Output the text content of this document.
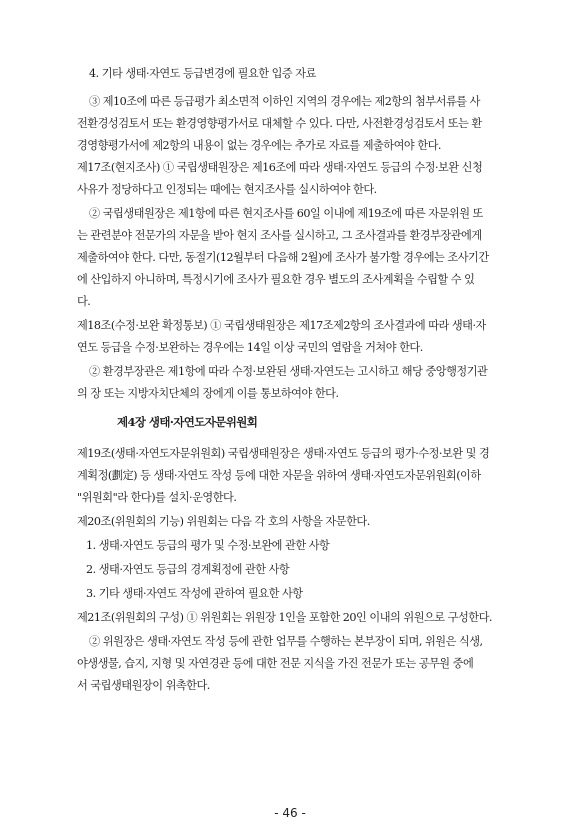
4. 기타 생태·자연도 등급변경에 필요한 입증 자료
③ 제10조에 따른 등급평가 최소면적 이하인 지역의 경우에는 제2항의 첨부서류를 사
전환경성검토서 또는 환경영향평가서로 대체할 수 있다. 다만, 사전환경성검토서 또는 환
경영향평가서에 제2항의 내용이 없는 경우에는 추가로 자료를 제출하여야 한다.
제17조(현지조사) ① 국립생태원장은 제16조에 따라 생태·자연도 등급의 수정·보완 신청
사유가 정당하다고 인정되는 때에는 현지조사를 실시하여야 한다.
② 국립생태원장은 제1항에 따른 현지조사를 60일 이내에 제19조에 따른 자문위원 또
는 관련분야 전문가의 자문을 받아 현지 조사를 실시하고, 그 조사결과를 환경부장관에게
제출하여야 한다. 다만, 동절기(12월부터 다음해 2월)에 조사가 불가할 경우에는 조사기간
에 산입하지 아니하며, 특정시기에 조사가 필요한 경우 별도의 조사계획을 수립할 수 있
다.
제18조(수정·보완 확정통보) ① 국립생태원장은 제17조제2항의 조사결과에 따라 생태·자
연도 등급을 수정·보완하는 경우에는 14일 이상 국민의 열람을 거쳐야 한다.
② 환경부장관은 제1항에 따라 수정·보완된 생태·자연도는 고시하고 해당 중앙행정기관
의 장 또는 지방자치단체의 장에게 이를 통보하여야 한다.
제4장 생태·자연도자문위원회
제19조(생태·자연도자문위원회) 국립생태원장은 생태·자연도 등급의 평가·수정·보완 및 경
계획정(劃定) 등 생태·자연도 작성 등에 대한 자문을 위하여 생태·자연도자문위원회(이하
"위원회"라 한다)를 설치·운영한다.
제20조(위원회의 기능) 위원회는 다음 각 호의 사항을 자문한다.
1. 생태·자연도 등급의 평가 및 수정·보완에 관한 사항
2. 생태·자연도 등급의 경계획정에 관한 사항
3. 기타 생태·자연도 작성에 관하여 필요한 사항
제21조(위원회의 구성) ① 위원회는 위원장 1인을 포함한 20인 이내의 위원으로 구성한다.
② 위원장은 생태·자연도 작성 등에 관한 업무를 수행하는 본부장이 되며, 위원은 식생,
야생생물, 습지, 지형 및 자연경관 등에 대한 전문 지식을 가진 전문가 또는 공무원 중에
서 국립생태원장이 위촉한다.
- 46 -
